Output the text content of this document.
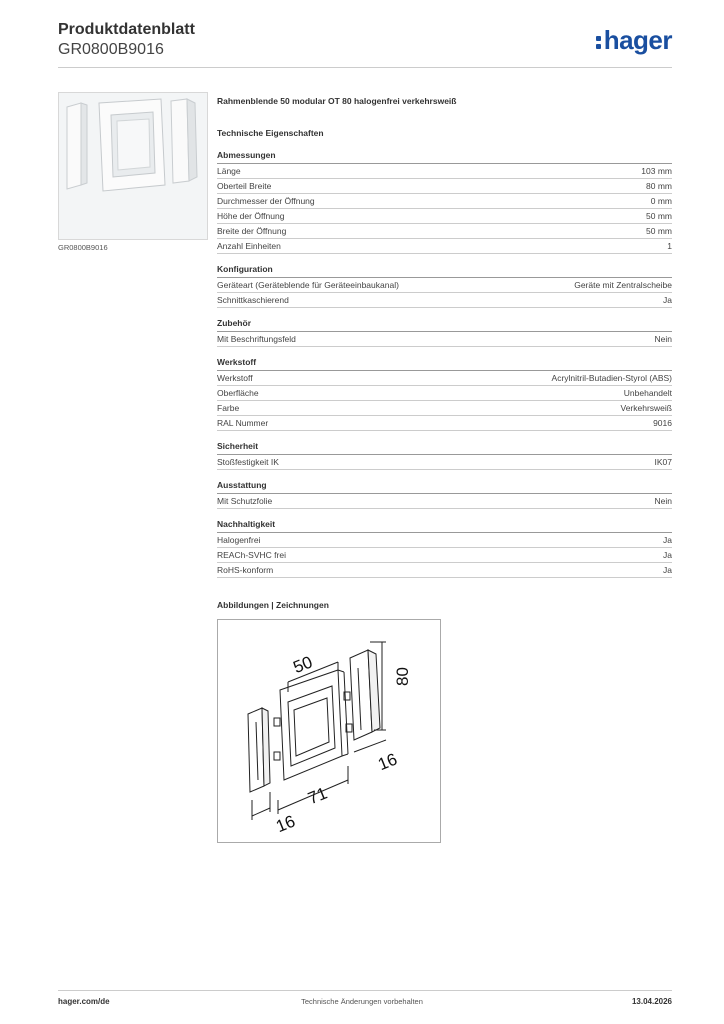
Produktdatenblatt
GR0800B9016	hager
GR0800B9016
Rahmenblende 50 modular OT 80 halogenfrei verkehrsweiß
Technische Eigenschaften
Abmessungen
Länge	103 mm
Oberteil Breite	80 mm
Durchmesser der Öffnung	0 mm
Höhe der Öffnung	50 mm
Breite der Öffnung	50 mm
Anzahl Einheiten	1
Konfiguration
Geräteart (Geräteblende für Geräteeinbaukanal)	Geräte mit Zentralscheibe
Schnittkaschierend	Ja
Zubehör
Mit Beschriftungsfeld	Nein
Werkstoff
Werkstoff	Acrylnitril-Butadien-Styrol (ABS)
Oberfläche	Unbehandelt
Farbe	Verkehrsweiß
RAL Nummer	9016
Sicherheit
Stoßfestigkeit IK	IK07
Ausstattung
Mit Schutzfolie	Nein
Nachhaltigkeit
Halogenfrei	Ja
REACh-SVHC frei	Ja
RoHS-konform	Ja
Abbildungen | Zeichnungen
50	80
16
71
16
hager.com/de	Technische Änderungen vorbehalten	13.04.2026
